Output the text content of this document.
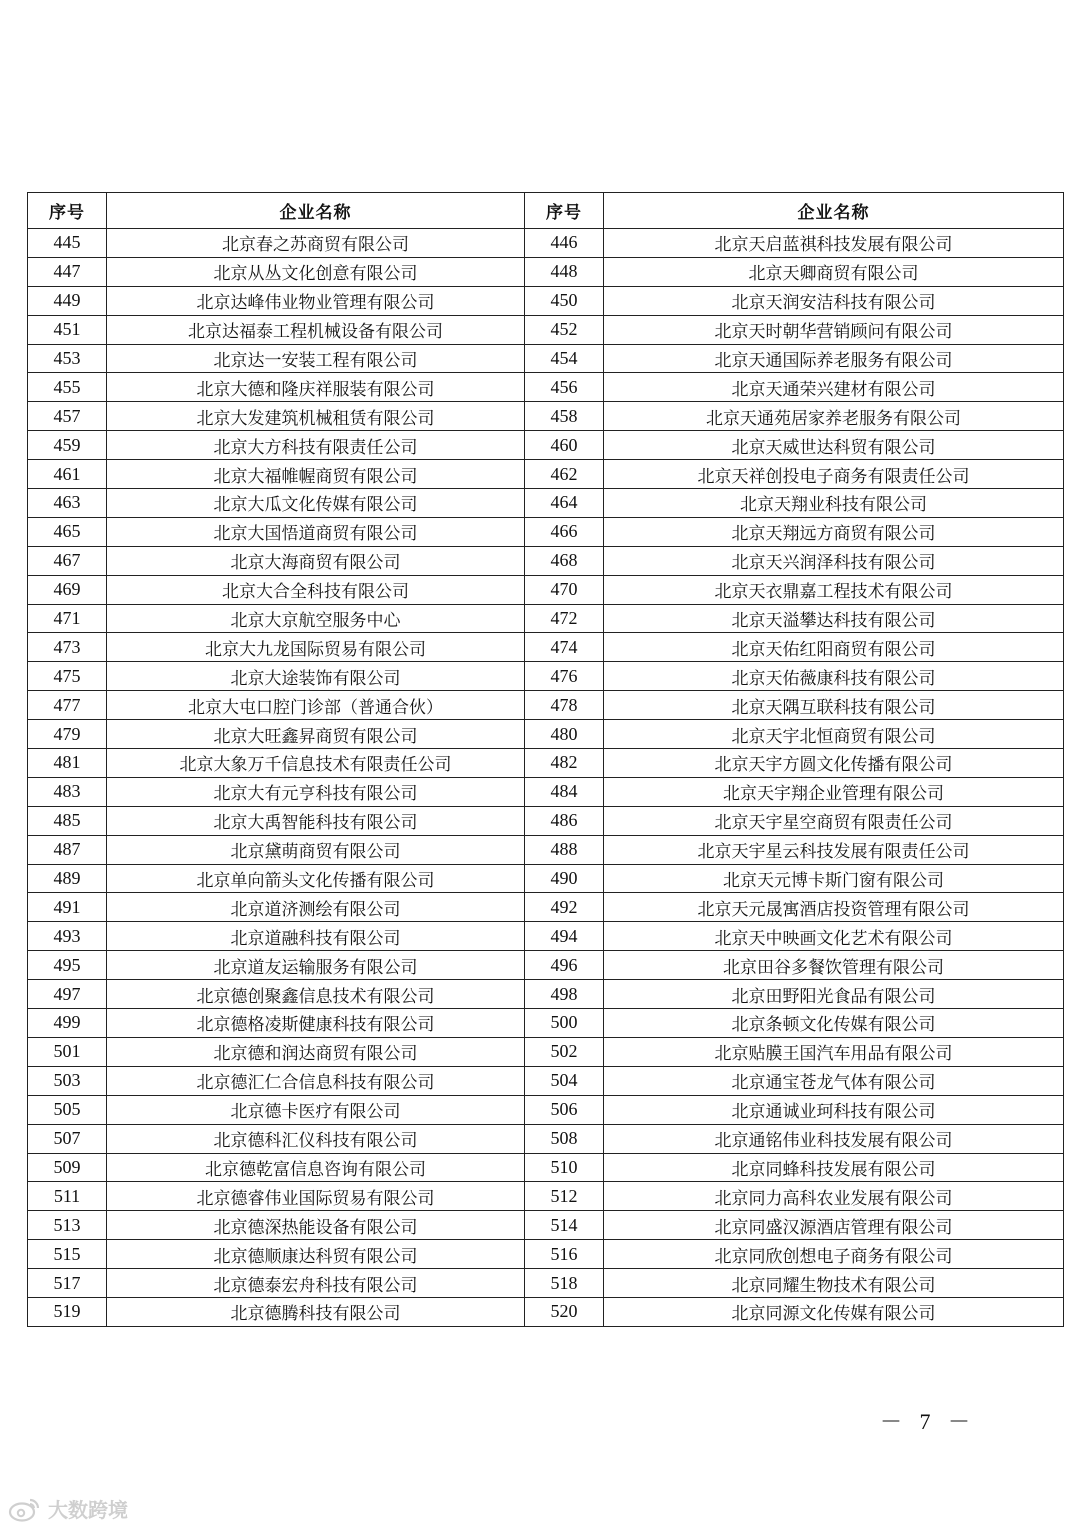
序号	企业名称	序号	企业名称
445	北京春之苏商贸有限公司	446	北京天启蓝祺科技发展有限公司
447	北京从丛文化创意有限公司	448	北京天卿商贸有限公司
449	北京达峰伟业物业管理有限公司	450	北京天润安洁科技有限公司
451	北京达福泰工程机械设备有限公司	452	北京天时朝华营销顾问有限公司
453	北京达一安装工程有限公司	454	北京天通国际养老服务有限公司
455	北京大德和隆庆祥服装有限公司	456	北京天通荣兴建材有限公司
457	北京大发建筑机械租赁有限公司	458	北京天通苑居家养老服务有限公司
459	北京大方科技有限责任公司	460	北京天威世达科贸有限公司
461	北京大福帷幄商贸有限公司	462	北京天祥创投电子商务有限责任公司
463	北京大瓜文化传媒有限公司	464	北京天翔业科技有限公司
465	北京大国悟道商贸有限公司	466	北京天翔远方商贸有限公司
467	北京大海商贸有限公司	468	北京天兴润泽科技有限公司
469	北京大合全科技有限公司	470	北京天衣鼎嘉工程技术有限公司
471	北京大京航空服务中心	472	北京天溢攀达科技有限公司
473	北京大九龙国际贸易有限公司	474	北京天佑红阳商贸有限公司
475	北京大途装饰有限公司	476	北京天佑薇康科技有限公司
477	北京大屯口腔门诊部（普通合伙）	478	北京天隅互联科技有限公司
479	北京大旺鑫昇商贸有限公司	480	北京天宇北恒商贸有限公司
481	北京大象万千信息技术有限责任公司	482	北京天宇方圆文化传播有限公司
483	北京大有元亨科技有限公司	484	北京天宇翔企业管理有限公司
485	北京大禹智能科技有限公司	486	北京天宇星空商贸有限责任公司
487	北京黛萌商贸有限公司	488	北京天宇星云科技发展有限责任公司
489	北京单向箭头文化传播有限公司	490	北京天元博卡斯门窗有限公司
491	北京道济测绘有限公司	492	北京天元晟寓酒店投资管理有限公司
493	北京道融科技有限公司	494	北京天中映画文化艺术有限公司
495	北京道友运输服务有限公司	496	北京田谷多餐饮管理有限公司
497	北京德创聚鑫信息技术有限公司	498	北京田野阳光食品有限公司
499	北京德格凌斯健康科技有限公司	500	北京条顿文化传媒有限公司
501	北京德和润达商贸有限公司	502	北京贴膜王国汽车用品有限公司
503	北京德汇仁合信息科技有限公司	504	北京通宝苍龙气体有限公司
505	北京德卡医疗有限公司	506	北京通诚业珂科技有限公司
507	北京德科汇仪科技有限公司	508	北京通铭伟业科技发展有限公司
509	北京德乾富信息咨询有限公司	510	北京同蜂科技发展有限公司
511	北京德睿伟业国际贸易有限公司	512	北京同力高科农业发展有限公司
513	北京德深热能设备有限公司	514	北京同盛汉源酒店管理有限公司
515	北京德顺康达科贸有限公司	516	北京同欣创想电子商务有限公司
517	北京德泰宏舟科技有限公司	518	北京同耀生物技术有限公司
519	北京德腾科技有限公司	520	北京同源文化传媒有限公司
－ 7 －
大数跨境
